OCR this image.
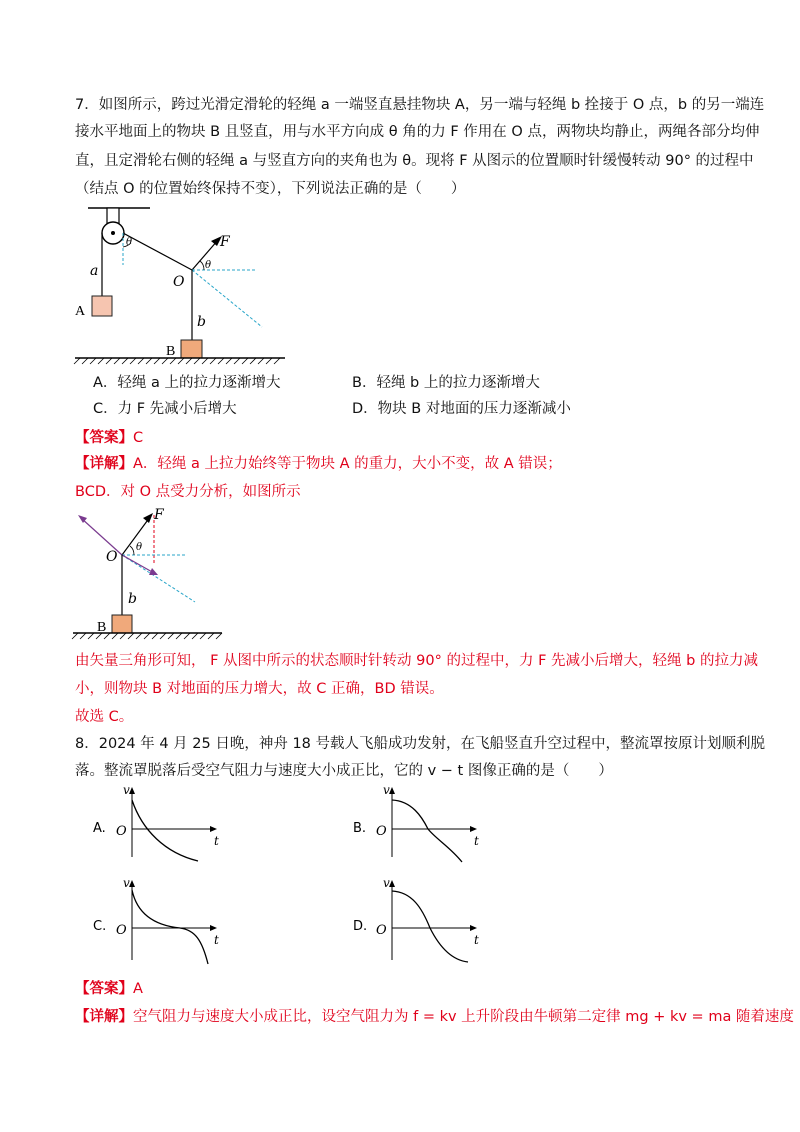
7．如图所示，跨过光滑定滑轮的轻绳 a 一端竖直悬挂物块 A，另一端与轻绳 b 拴接于 O 点，b 的另一端连
接水平地面上的物块 B 且竖直，用与水平方向成 θ 角的力 F 作用在 O 点，两物块均静止，两绳各部分均伸
直，且定滑轮右侧的轻绳 a 与竖直方向的夹角也为 θ。现将 F 从图示的位置顺时针缓慢转动 90° 的过程中
（结点 O 的位置始终保持不变），下列说法正确的是（　　）
a
A
θ	F
O
θ
b
B
A．轻绳 a 上的拉力逐渐增大	B．轻绳 b 上的拉力逐渐增大
C．力 F 先减小后增大	D．物块 B 对地面的压力逐渐减小
【答案】C
【详解】A．轻绳 a 上拉力始终等于物块 A 的重力，大小不变，故 A 错误；
BCD．对 O 点受力分析，如图所示
F
O
θ
b
B
由矢量三角形可知， F 从图中所示的状态顺时针转动 90° 的过程中，力 F 先减小后增大，轻绳 b 的拉力减
小，则物块 B 对地面的压力增大，故 C 正确，BD 错误。
故选 C。
8．2024 年 4 月 25 日晚，神舟 18 号载人飞船成功发射，在飞船竖直升空过程中，整流罩按原计划顺利脱
落。整流罩脱落后受空气阻力与速度大小成正比，它的 v − t 图像正确的是（　　）
A.
v
t
O	B.
v
t
O
C.
v
t
O	D.
v
t
O
【答案】A
【详解】空气阻力与速度大小成正比，设空气阻力为 f = kv 上升阶段由牛顿第二定律 mg + kv = ma 随着速度
